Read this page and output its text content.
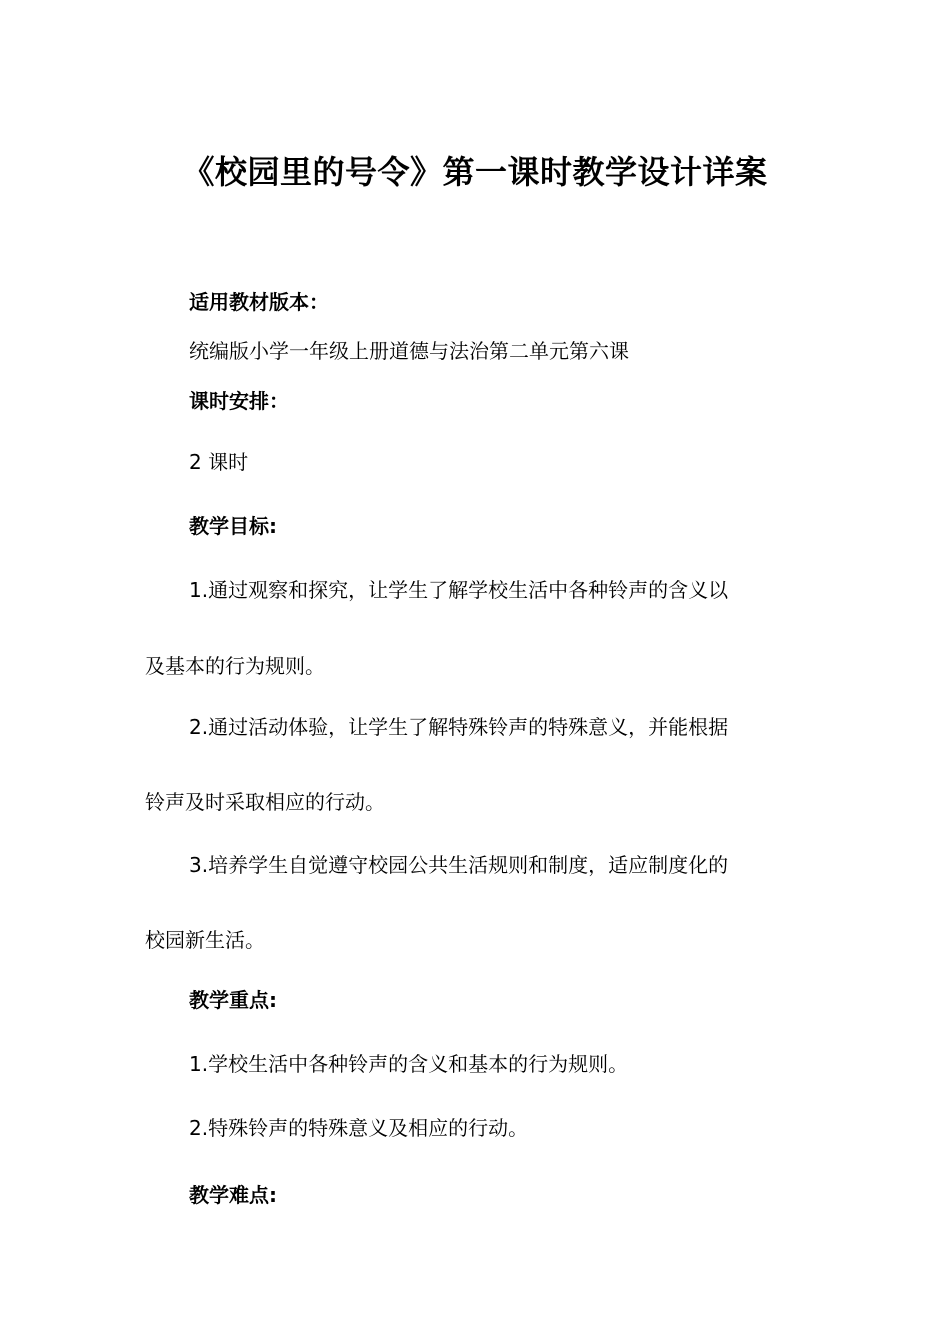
《校园里的号令》第一课时教学设计详案
适用教材版本：
统编版小学一年级上册道德与法治第二单元第六课
课时安排：
2 课时
教学目标:
1.通过观察和探究，让学生了解学校生活中各种铃声的含义以
及基本的行为规则。
2.通过活动体验，让学生了解特殊铃声的特殊意义，并能根据
铃声及时采取相应的行动。
3.培养学生自觉遵守校园公共生活规则和制度，适应制度化的
校园新生活。
教学重点:
1.学校生活中各种铃声的含义和基本的行为规则。
2.特殊铃声的特殊意义及相应的行动。
教学难点:
